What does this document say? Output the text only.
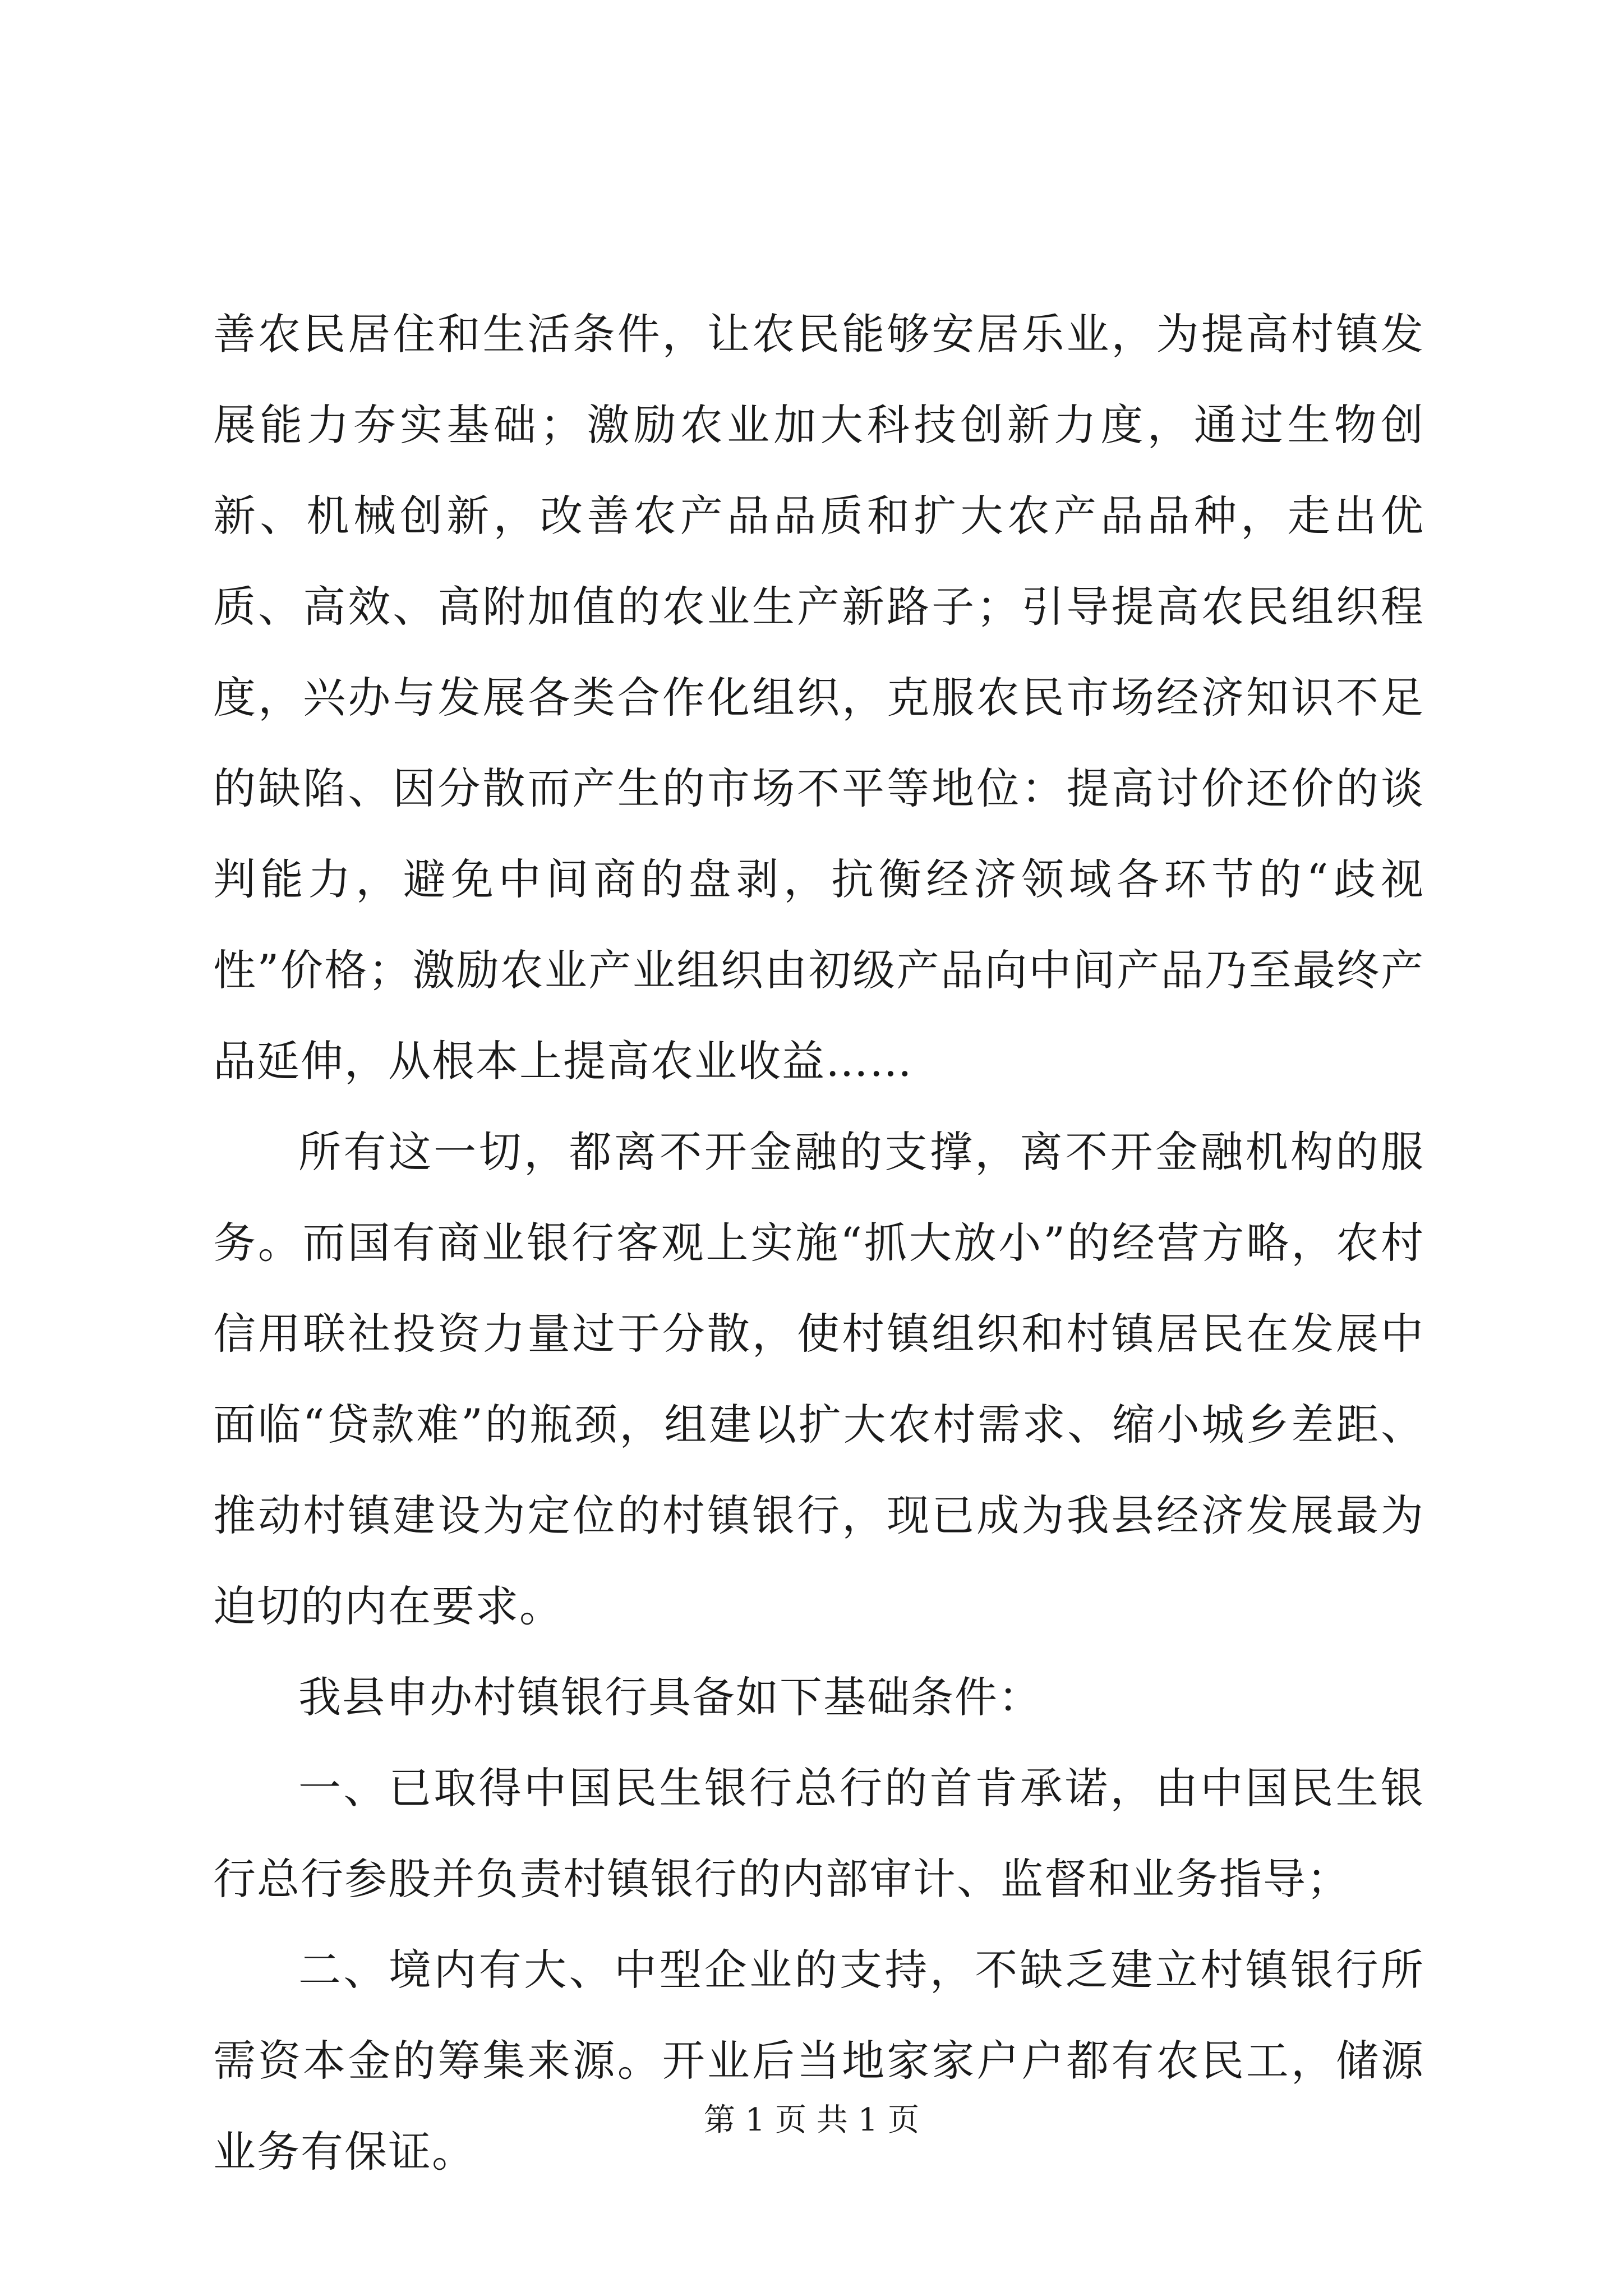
善农民居住和生活条件，让农民能够安居乐业，为提高村镇发展能力夯实基础；激励农业加大科技创新力度，通过生物创新、机械创新，改善农产品品质和扩大农产品品种，走出优质、高效、高附加值的农业生产新路子；引导提高农民组织程度，兴办与发展各类合作化组织，克服农民市场经济知识不足的缺陷、因分散而产生的市场不平等地位：提高讨价还价的谈判能力，避免中间商的盘剥，抗衡经济领域各环节的“歧视性”价格；激励农业产业组织由初级产品向中间产品乃至最终产品延伸，从根本上提高农业收益……

所有这一切，都离不开金融的支撑，离不开金融机构的服务。而国有商业银行客观上实施“抓大放小”的经营方略，农村信用联社投资力量过于分散，使村镇组织和村镇居民在发展中面临“贷款难”的瓶颈，组建以扩大农村需求、缩小城乡差距、推动村镇建设为定位的村镇银行，现已成为我县经济发展最为迫切的内在要求。

我县申办村镇银行具备如下基础条件：

一、已取得中国民生银行总行的首肯承诺，由中国民生银行总行参股并负责村镇银行的内部审计、监督和业务指导；

二、境内有大、中型企业的支持，不缺乏建立村镇银行所需资本金的筹集来源。开业后当地家家户户都有农民工，储源业务有保证。

第 1 页 共 1 页
